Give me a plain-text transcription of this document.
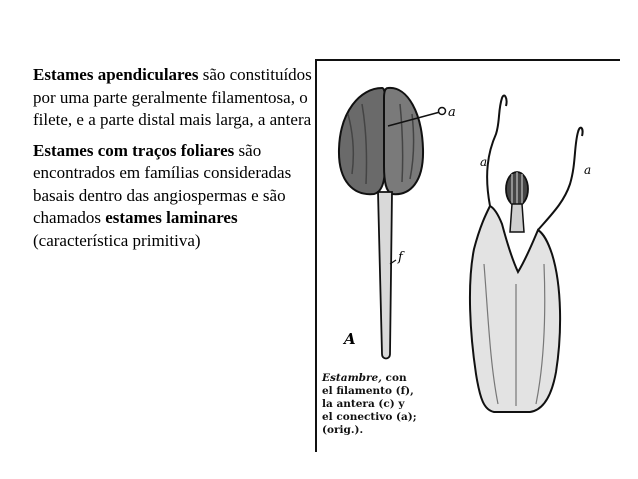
Estames apendiculares são constituídos por uma parte geralmente filamentosa, o filete, e a parte distal mais larga, a antera

Estames com traços foliares são encontrados em famílias consideradas basais dentro das angiospermas e são chamados estames laminares (característica primitiva)

a
f
A
a
a
Estambre, con
el filamento (f),
la antera (c) y
el conectivo (a);
(orig.).
